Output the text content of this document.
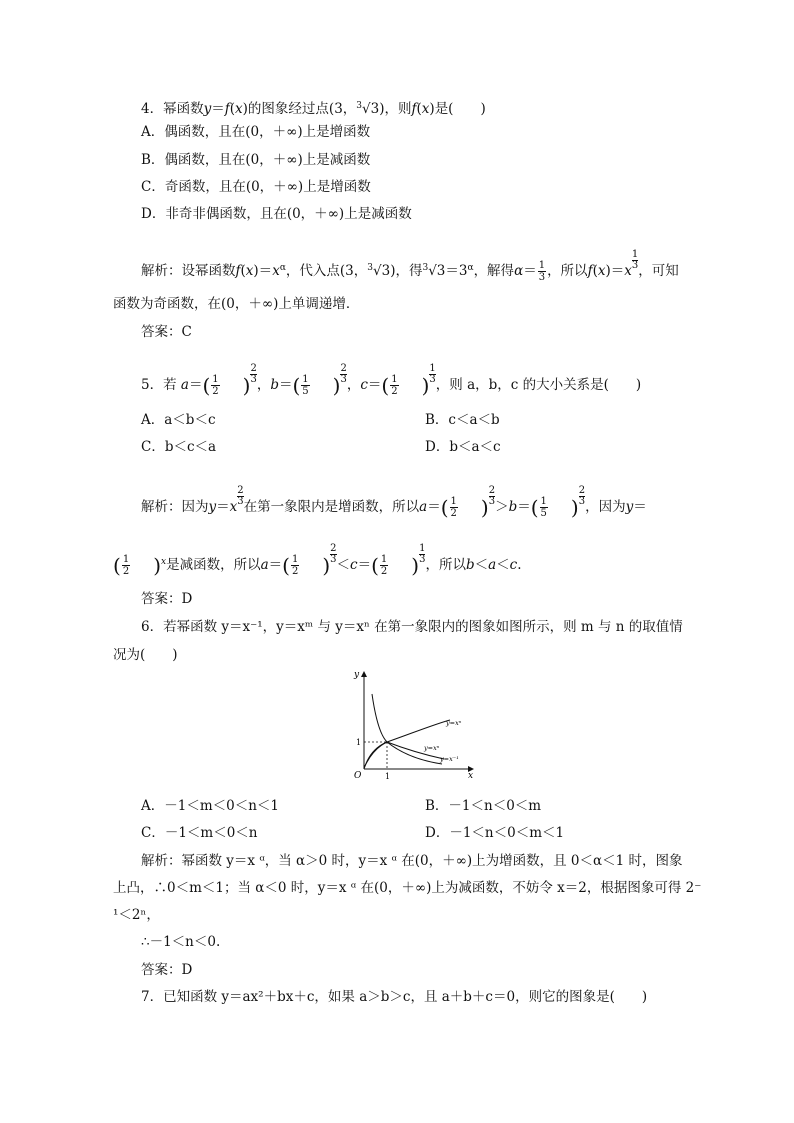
4．幂函数y＝f(x)的图象经过点(3，$^3$√3)，则f(x)是(　　)
A．偶函数，且在(0，＋∞)上是增函数
B．偶函数，且在(0，＋∞)上是减函数
C．奇函数，且在(0，＋∞)上是增函数
D．非奇非偶函数，且在(0，＋∞)上是减函数
解析：设幂函数$f(x)=x^\alpha$，代入点(3，$^3$√3)，得$^3√3=3^\alpha$，解得$\alpha= \frac{1}{3}$ ，所以$f(x)=x \frac{1}{3}$ ，可知
函数为奇函数，在(0，＋∞)上单调递增．
答案：C
5．若 $a=( \frac{1}{2}$ ) $\frac{2}{3}$ ，$b=( \frac{1}{5}$ ) $\frac{2}{3}$ ，$c=( \frac{1}{2}$ ) $\frac{1}{3}$ ，则 a，b，c 的大小关系是(　　)
A．a＜b＜c	B．c＜a＜b
C．b＜c＜a	D．b＜a＜c
解析：因为$y=x \frac{2}{3}$ 在第一象限内是增函数，所以$a=( \frac{1}{2}$ ) $\frac{2}{3} >b=( \frac{1}{5}$ ) $\frac{2}{3}$ ，因为y＝
( $\frac{1}{2} )^x$是减函数，所以$a=( \frac{1}{2}$ ) $\frac{2}{3} <c=( \frac{1}{2}$ ) $\frac{1}{3}$ ，所以b＜a＜c.
答案：D
6．若幂函数 y＝x⁻¹，y＝xᵐ 与 y＝xⁿ 在第一象限内的图象如图所示，则 m 与 n 的取值情
况为(　　)
y
x
O	1
1
y=xⁿ
y=xⁿ
y=x⁻¹
A．－1＜m＜0＜n＜1	B．－1＜n＜0＜m
C．－1＜m＜0＜n	D．－1＜n＜0＜m＜1
解析：幂函数 y＝x ᵅ，当 α＞0 时，y＝x ᵅ 在(0，＋∞)上为增函数，且 0＜α＜1 时，图象
上凸，∴0＜m＜1；当 α＜0 时，y＝x ᵅ 在(0，＋∞)上为减函数，不妨令 x＝2，根据图象可得 2⁻
¹＜2ⁿ，
∴－1＜n＜0.
答案：D
7．已知函数 y＝ax²＋bx＋c，如果 a＞b＞c，且 a＋b＋c＝0，则它的图象是(　　)
